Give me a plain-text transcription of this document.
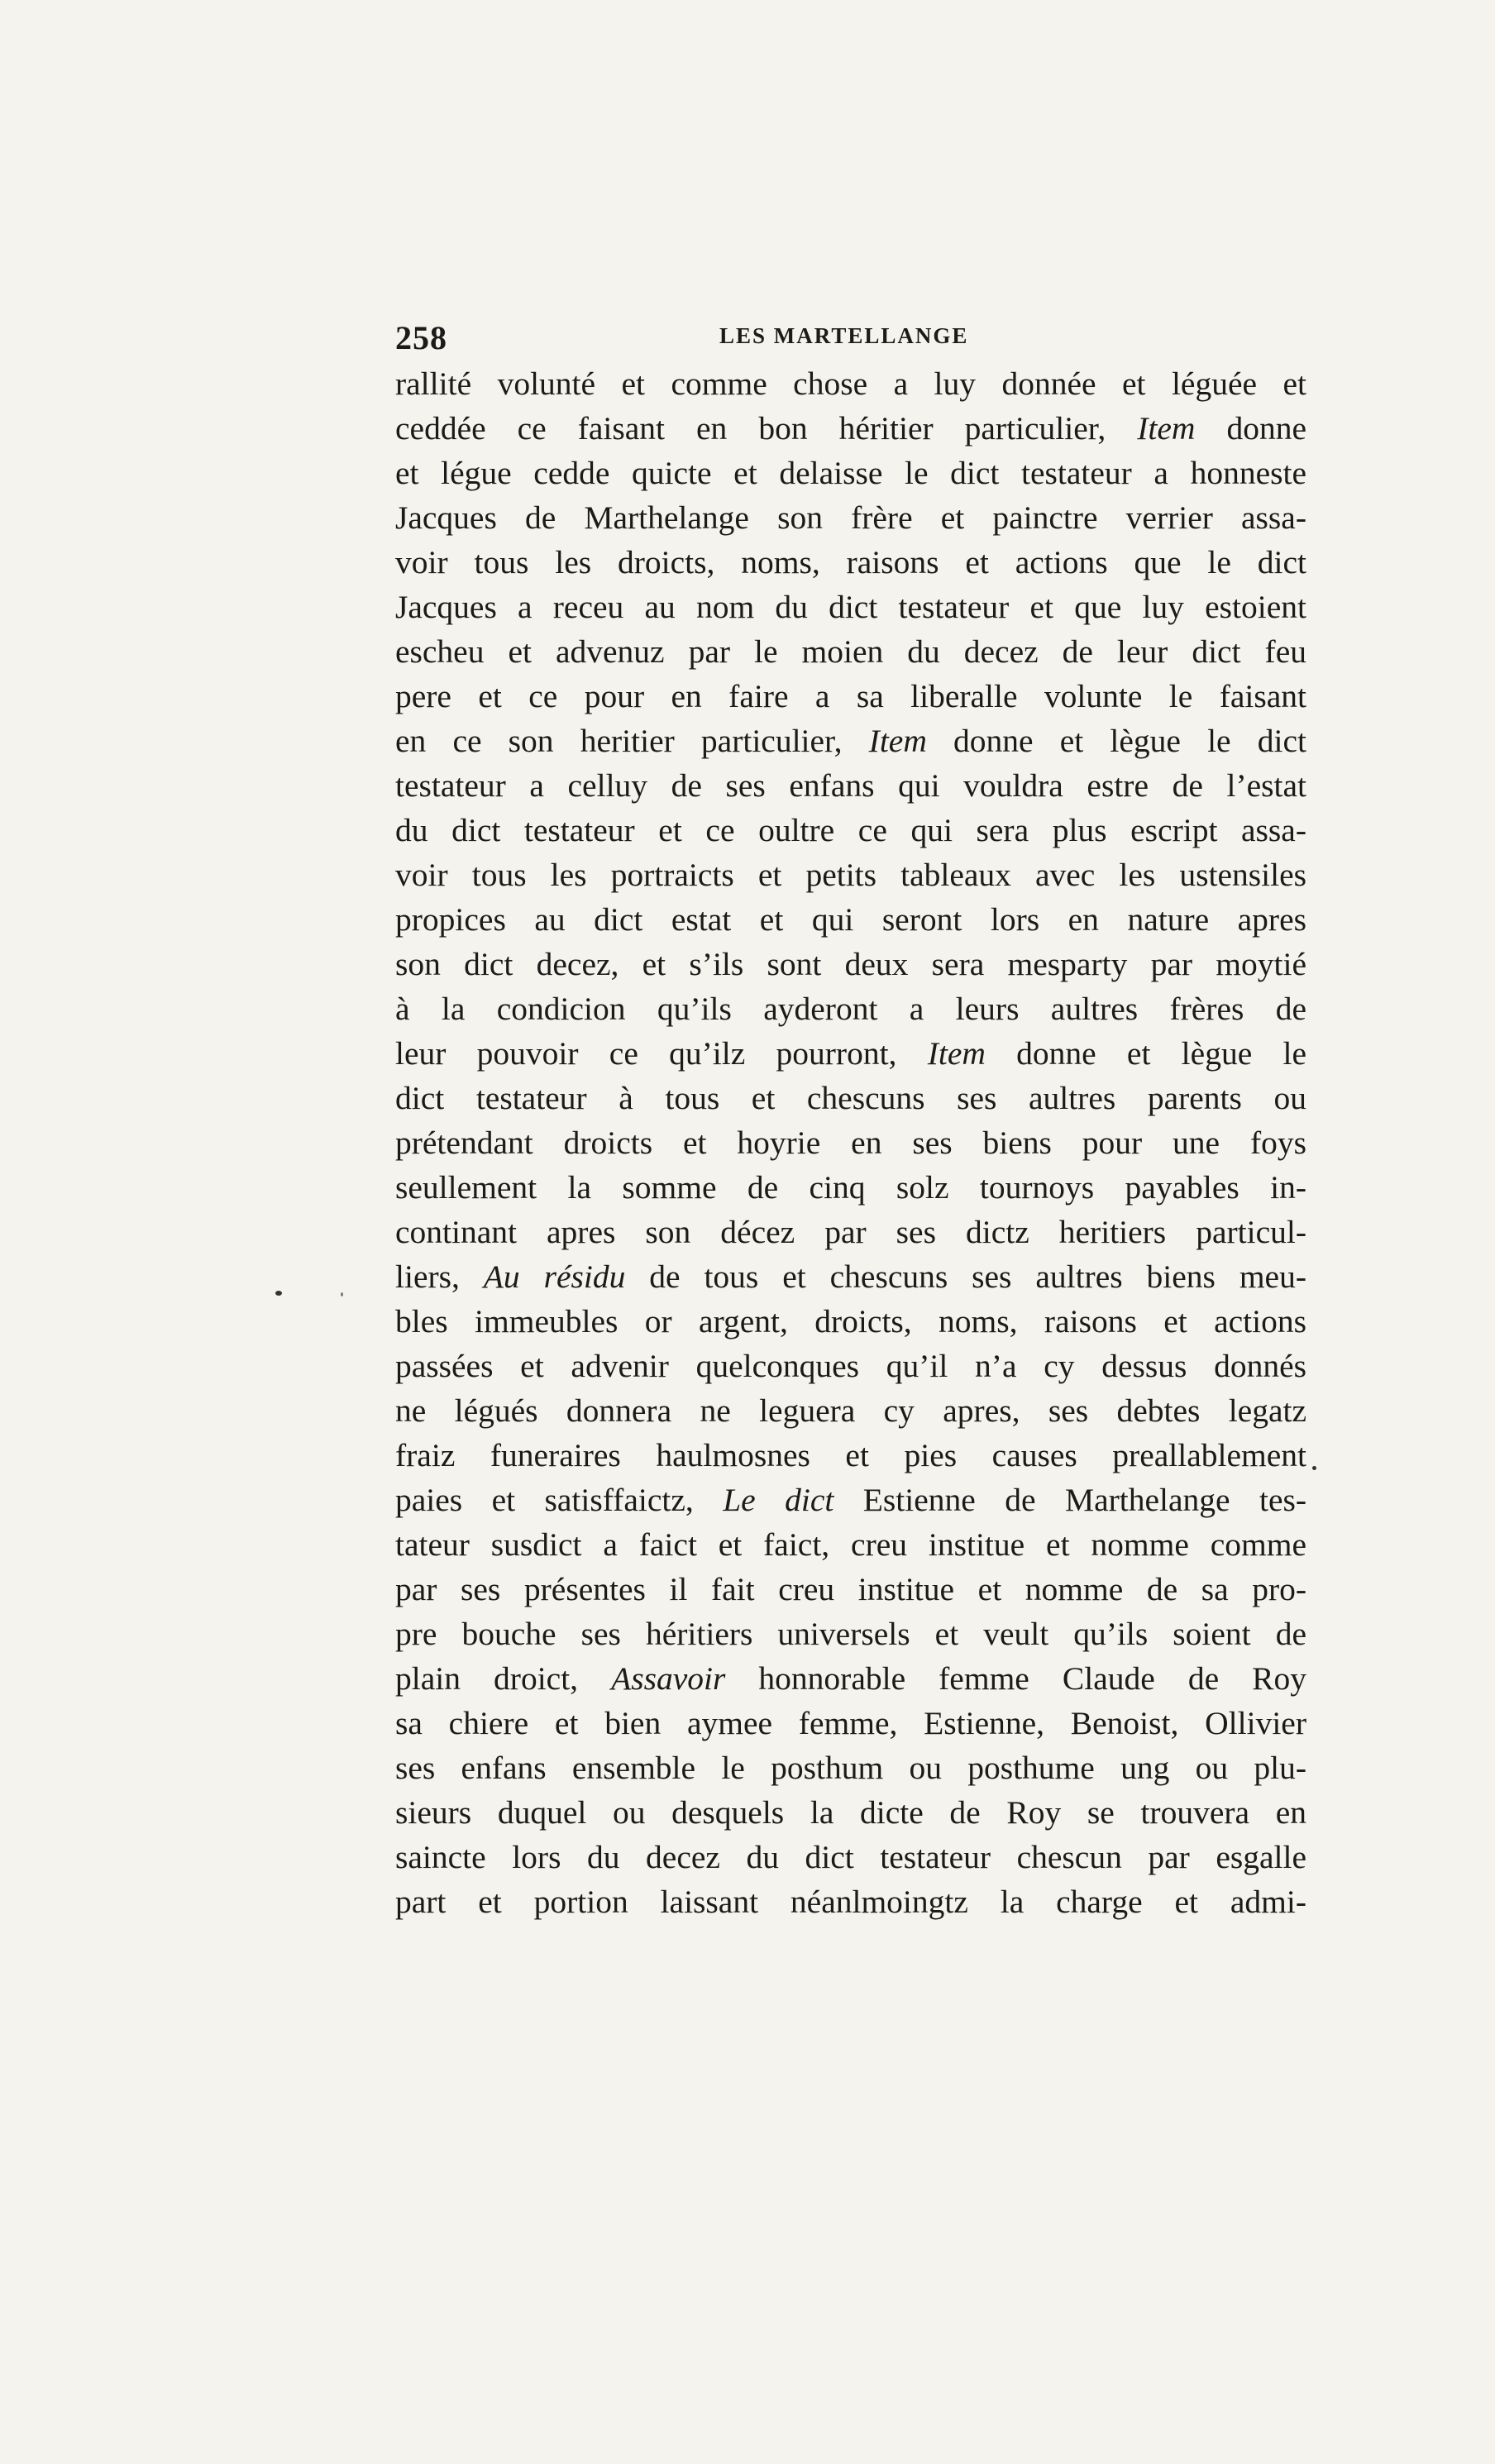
258	LES MARTELLANGE
rallité volunté et comme chose a luy donnée et léguée et
ceddée ce faisant en bon héritier particulier, Item donne
et légue cedde quicte et delaisse le dict testateur a honneste
Jacques de Marthelange son frère et painctre verrier assa-
voir tous les droicts, noms, raisons et actions que le dict
Jacques a receu au nom du dict testateur et que luy estoient
escheu et advenuz par le moien du decez de leur dict feu
pere et ce pour en faire a sa liberalle volunte le faisant
en ce son heritier particulier, Item donne et lègue le dict
testateur a celluy de ses enfans qui vouldra estre de l’estat
du dict testateur et ce oultre ce qui sera plus escript assa-
voir tous les portraicts et petits tableaux avec les ustensiles
propices au dict estat et qui seront lors en nature apres
son dict decez, et s’ils sont deux sera mesparty par moytié
à la condicion qu’ils ayderont a leurs aultres frères de
leur pouvoir ce qu’ilz pourront, Item donne et lègue le
dict testateur à tous et chescuns ses aultres parents ou
prétendant droicts et hoyrie en ses biens pour une foys
seullement la somme de cinq solz tournoys payables in-
continant apres son décez par ses dictz heritiers particul-
liers, Au résidu de tous et chescuns ses aultres biens meu-
bles immeubles or argent, droicts, noms, raisons et actions
passées et advenir quelconques qu’il n’a cy dessus donnés
ne légués donnera ne leguera cy apres, ses debtes legatz
fraiz funeraires haulmosnes et pies causes preallablement
paies et satisffaictz, Le dict Estienne de Marthelange tes-
tateur susdict a faict et faict, creu institue et nomme comme
par ses présentes il fait creu institue et nomme de sa pro-
pre bouche ses héritiers universels et veult qu’ils soient de
plain droict, Assavoir honnorable femme Claude de Roy
sa chiere et bien aymee femme, Estienne, Benoist, Ollivier
ses enfans ensemble le posthum ou posthume ung ou plu-
sieurs duquel ou desquels la dicte de Roy se trouvera en
saincte lors du decez du dict testateur chescun par esgalle
part et portion laissant néanlmoingtz la charge et admi-
